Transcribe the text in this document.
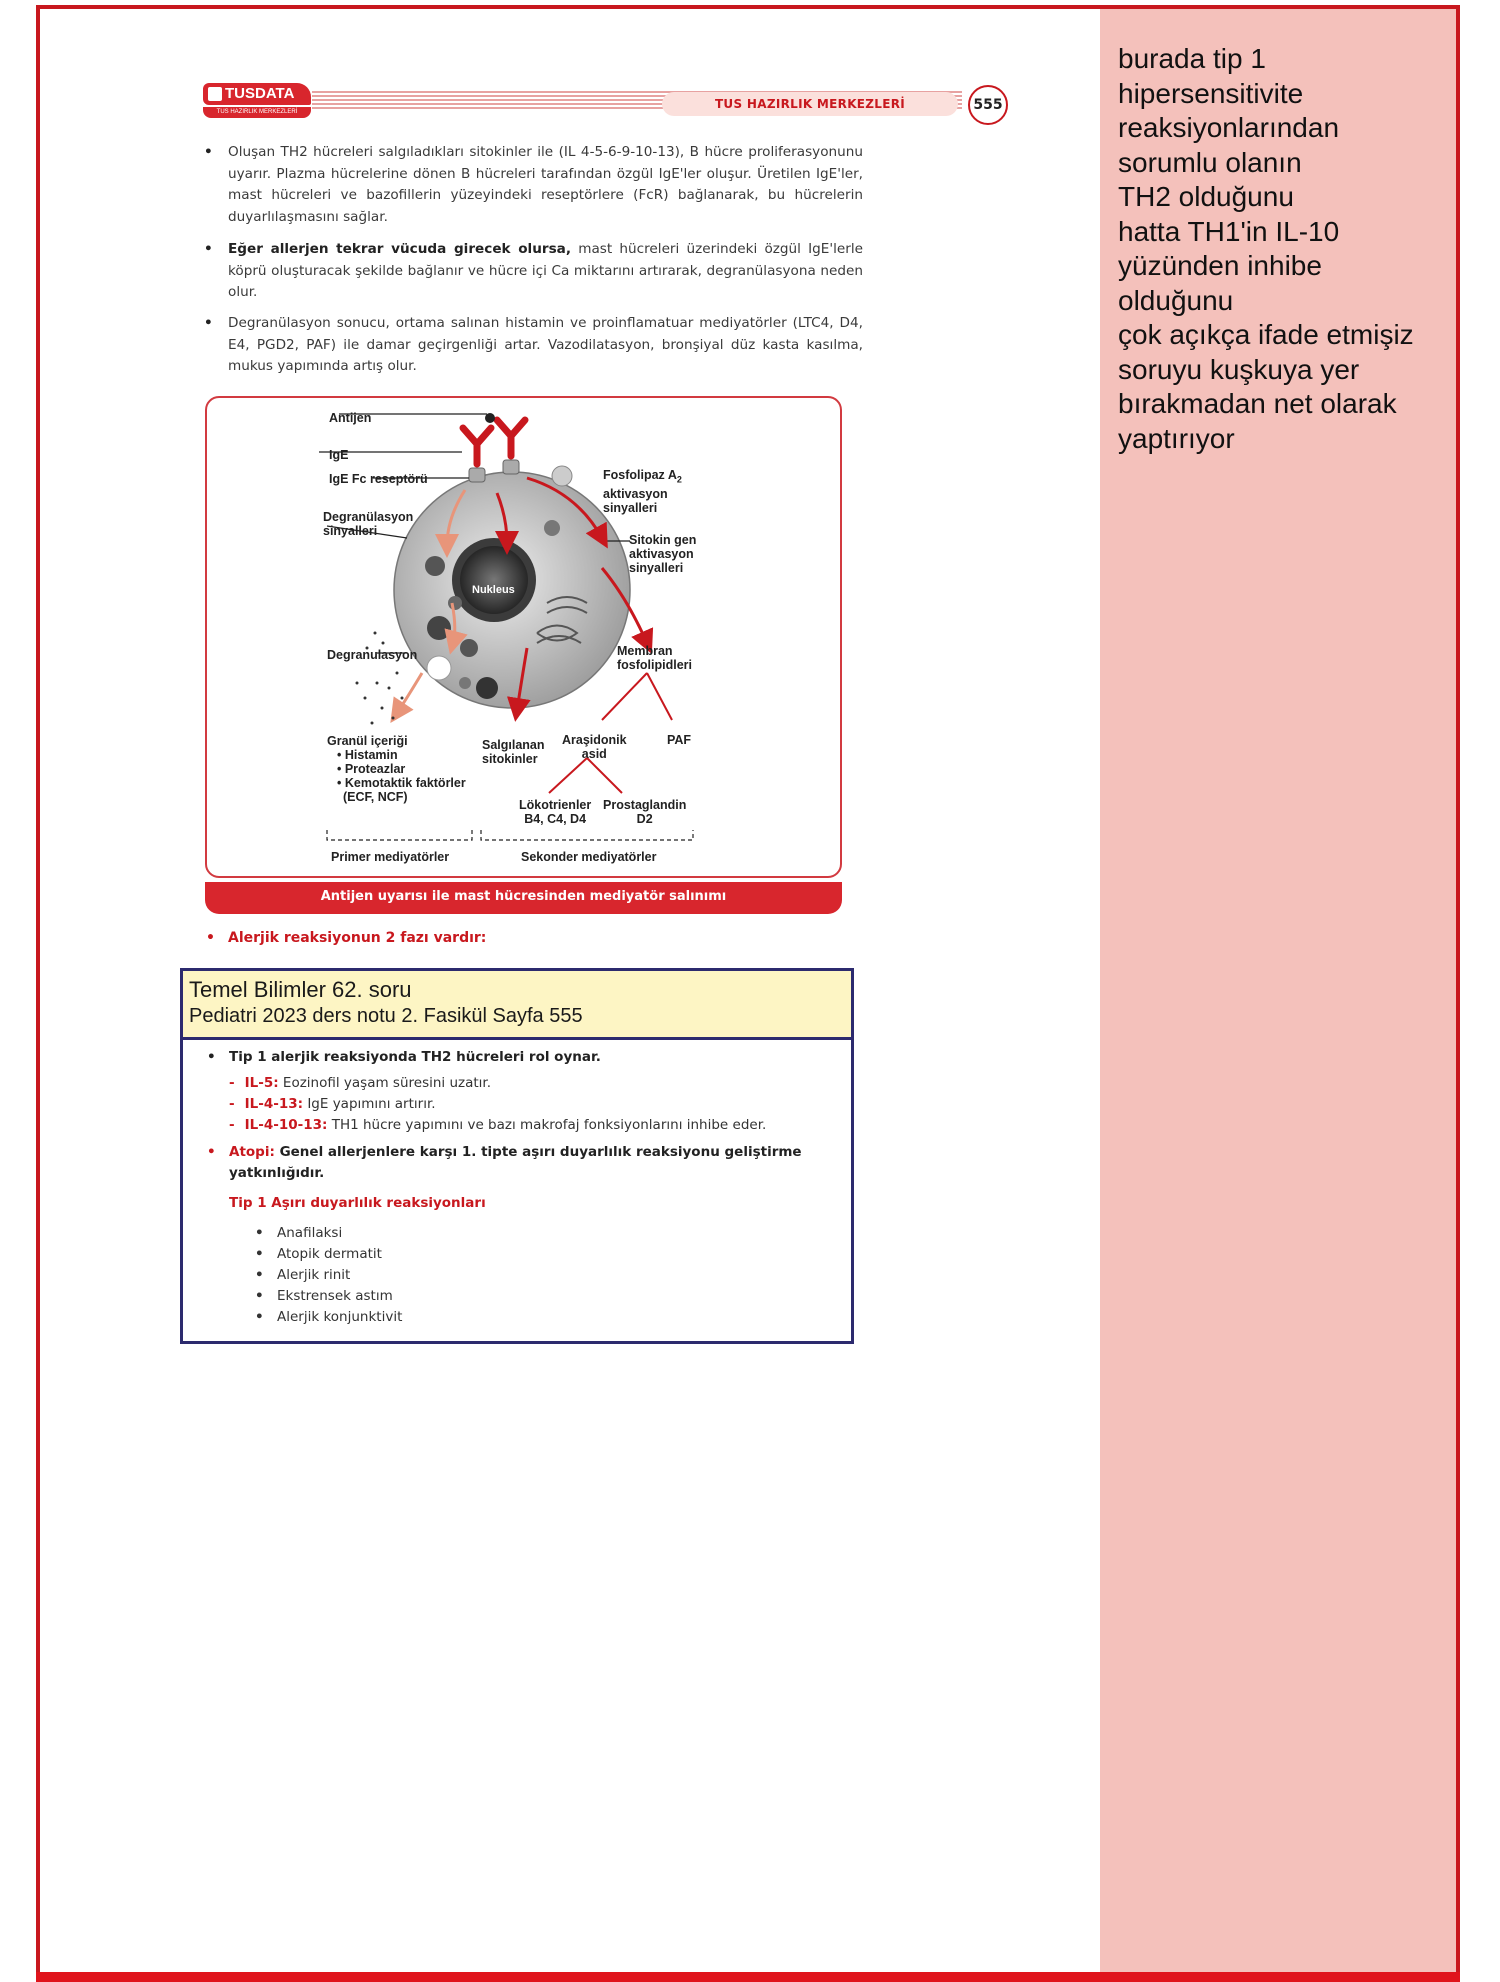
burada tip 1
hipersensitivite
reaksiyonlarından
sorumlu olanın
TH2 olduğunu
hatta TH1'in IL-10
yüzünden inhibe
olduğunu
çok açıkça ifade etmişiz
soruyu kuşkuya yer
bırakmadan net olarak
yaptırıyor
TUSDATA
TUS HAZIRLIK MERKEZLERİ
TUS HAZIRLIK MERKEZLERİ	555
• Oluşan TH2 hücreleri salgıladıkları sitokinler ile (IL 4-5-6-9-10-13), B hücre proliferasyonunu uyarır. Plazma hücrelerine dönen B hücreleri tarafından özgül IgE'ler oluşur. Üretilen IgE'ler, mast hücreleri ve bazofillerin yüzeyindeki reseptörlere (FcR) bağlanarak, bu hücrelerin duyarlılaşmasını sağlar.
• Eğer allerjen tekrar vücuda girecek olursa, mast hücreleri üzerindeki özgül IgE'lerle köprü oluşturacak şekilde bağlanır ve hücre içi Ca miktarını artırarak, degranülasyona neden olur.
• Degranülasyon sonucu, ortama salınan histamin ve proinflamatuar mediyatörler (LTC4, D4, E4, PGD2, PAF) ile damar geçirgenliği artar. Vazodilatasyon, bronşiyal düz kasta kasılma, mukus yapımında artış olur.
Antijen
IgE
IgE Fc reseptörü
Degranülasyon
sinyalleri
Fosfolipaz $A_2$
aktivasyon
sinyalleri
Sitokin gen
aktivasyon
sinyalleri
Nukleus
Degranulasyon	Membran
fosfolipidleri
Granül içeriği
• Histamin
• Proteazlar
• Kemotaktik faktörler
(ECF, NCF)
Salgılanan
sitokinler
Araşidonik
asid
PAF
Lökotrienler
B4, C4, D4
Prostaglandin
D2
Primer mediyatörler	Sekonder mediyatörler
Antijen uyarısı ile mast hücresinden mediyatör salınımı
• Alerjik reaksiyonun 2 fazı vardır:
Temel Bilimler 62. soru
Pediatri 2023 ders notu 2. Fasikül Sayfa 555
• Tip 1 alerjik reaksiyonda TH2 hücreleri rol oynar.
- IL-5: Eozinofil yaşam süresini uzatır.
- IL-4-13: IgE yapımını artırır.
- IL-4-10-13: TH1 hücre yapımını ve bazı makrofaj fonksiyonlarını inhibe eder.
• Atopi: Genel allerjenlere karşı 1. tipte aşırı duyarlılık reaksiyonu geliştirme
yatkınlığıdır.
Tip 1 Aşırı duyarlılık reaksiyonları
• Anafilaksi
• Atopik dermatit
• Alerjik rinit
• Ekstrensek astım
• Alerjik konjunktivit
